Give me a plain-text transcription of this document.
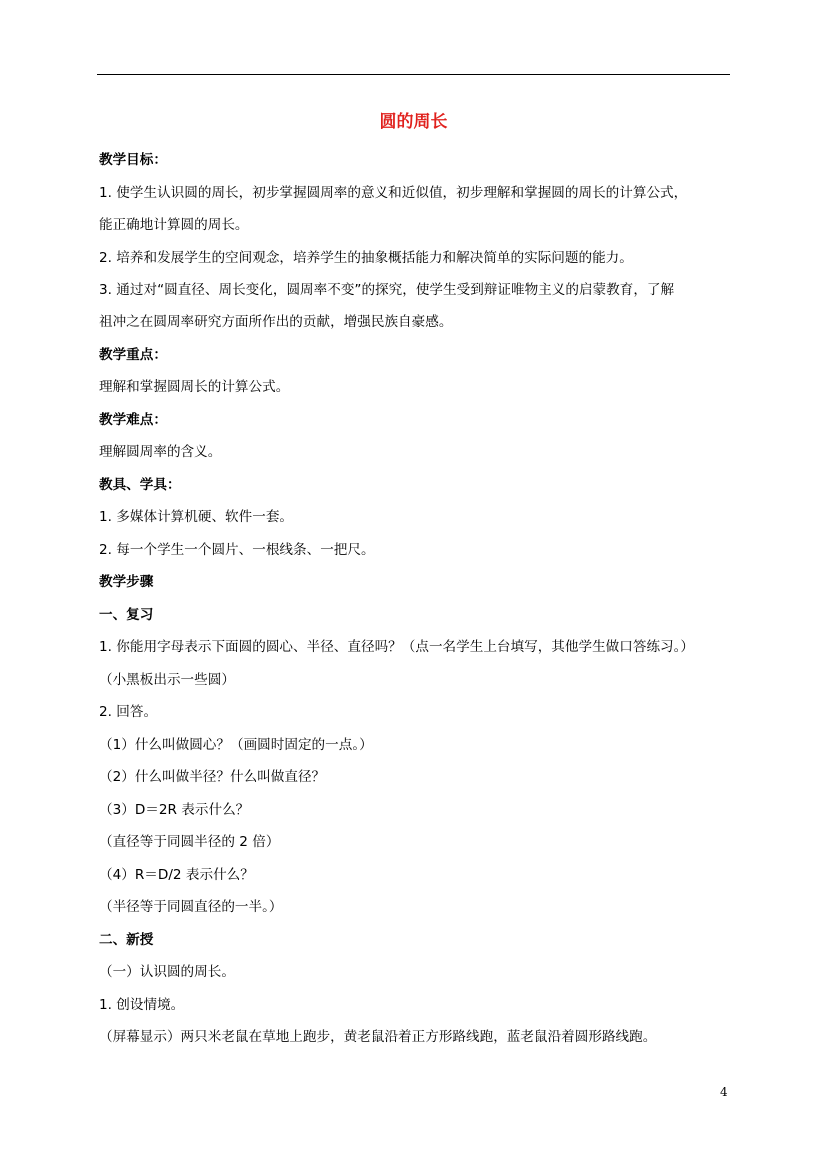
圆的周长
教学目标：
1. 使学生认识圆的周长，初步掌握圆周率的意义和近似值，初步理解和掌握圆的周长的计算公式，
能正确地计算圆的周长。
2. 培养和发展学生的空间观念，培养学生的抽象概括能力和解决简单的实际问题的能力。
3. 通过对“圆直径、周长变化，圆周率不变”的探究，使学生受到辩证唯物主义的启蒙教育，了解
祖冲之在圆周率研究方面所作出的贡献，增强民族自豪感。
教学重点：
理解和掌握圆周长的计算公式。
教学难点：
理解圆周率的含义。
教具、学具：
1. 多媒体计算机硬、软件一套。
2. 每一个学生一个圆片、一根线条、一把尺。
教学步骤
一、复习
1. 你能用字母表示下面圆的圆心、半径、直径吗？（点一名学生上台填写，其他学生做口答练习。）
（小黑板出示一些圆）
2. 回答。
（1）什么叫做圆心？（画圆时固定的一点。）
（2）什么叫做半径？什么叫做直径？
（3）D＝2R 表示什么？
（直径等于同圆半径的 2 倍）
（4）R＝D/2 表示什么？
（半径等于同圆直径的一半。）
二、新授
（一）认识圆的周长。
1. 创设情境。
（屏幕显示）两只米老鼠在草地上跑步，黄老鼠沿着正方形路线跑，蓝老鼠沿着圆形路线跑。
4
